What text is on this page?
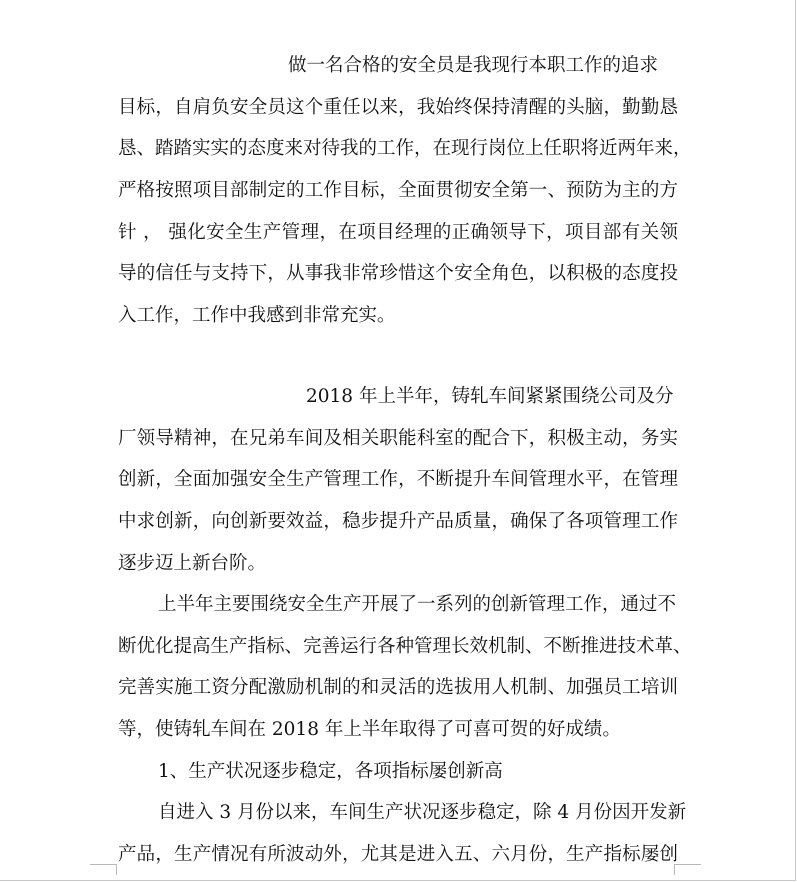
做一名合格的安全员是我现行本职工作的追求
目标，自肩负安全员这个重任以来，我始终保持清醒的头脑，勤勤恳
恳、踏踏实实的态度来对待我的工作，在现行岗位上任职将近两年来，
严格按照项目部制定的工作目标，全面贯彻安全第一、预防为主的方
针 ， 强化安全生产管理，在项目经理的正确领导下，项目部有关领
导的信任与支持下，从事我非常珍惜这个安全角色，以积极的态度投
入工作，工作中我感到非常充实。
2018 年上半年，铸轧车间紧紧围绕公司及分
厂领导精神，在兄弟车间及相关职能科室的配合下，积极主动，务实
创新，全面加强安全生产管理工作，不断提升车间管理水平，在管理
中求创新，向创新要效益，稳步提升产品质量，确保了各项管理工作
逐步迈上新台阶。
上半年主要围绕安全生产开展了一系列的创新管理工作，通过不
断优化提高生产指标、完善运行各种管理长效机制、不断推进技术革、
完善实施工资分配激励机制的和灵活的选拔用人机制、加强员工培训
等，使铸轧车间在 2018 年上半年取得了可喜可贺的好成绩。
1、生产状况逐步稳定，各项指标屡创新高
自进入 3 月份以来，车间生产状况逐步稳定，除 4 月份因开发新
产品，生产情况有所波动外，尤其是进入五、六月份，生产指标屡创
